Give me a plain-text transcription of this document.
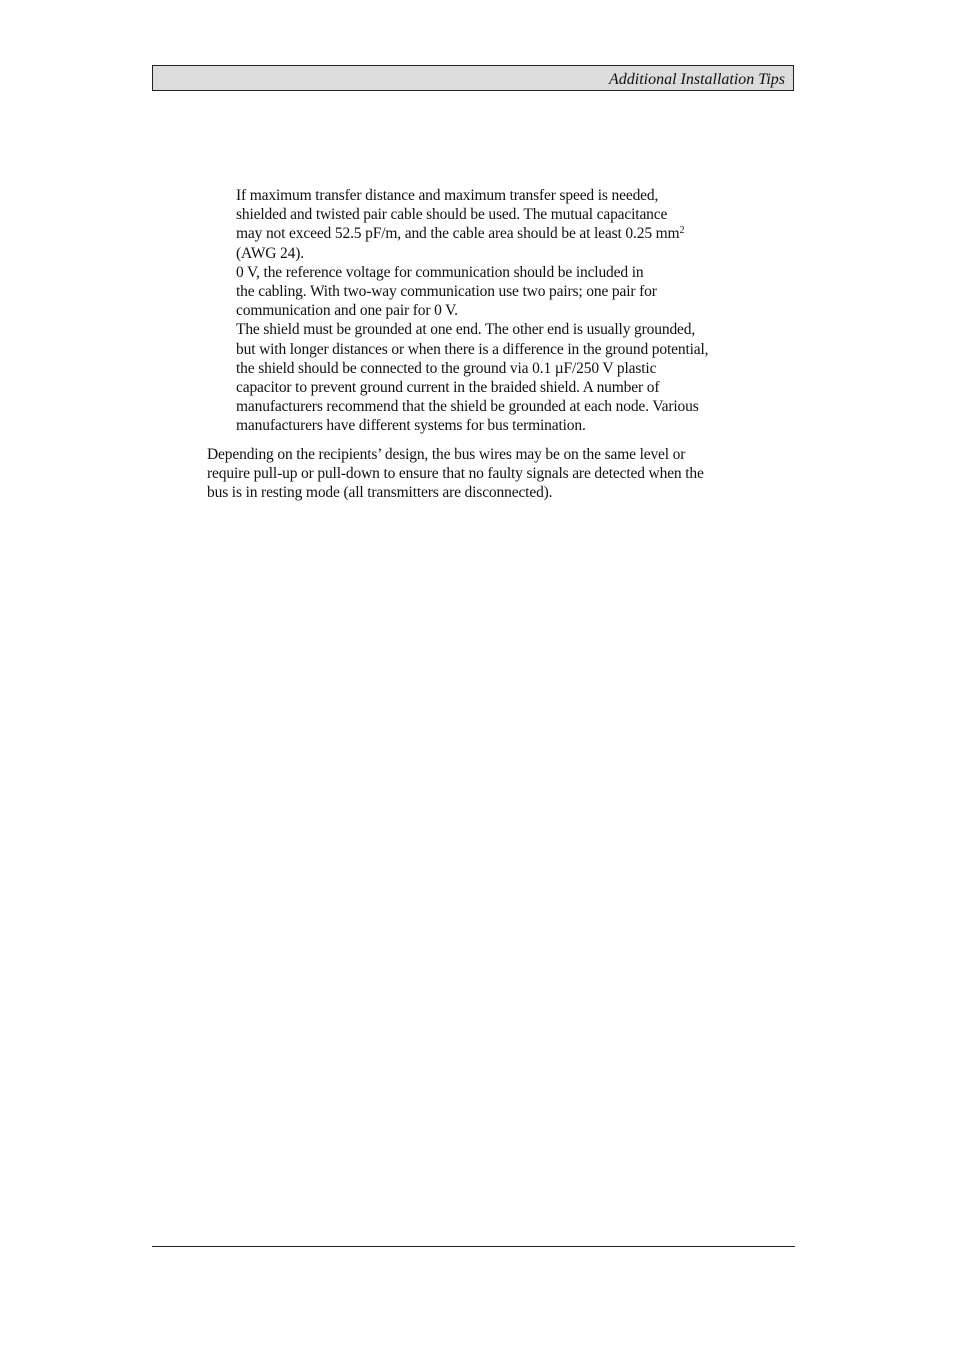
Additional Installation Tips
If maximum transfer distance and maximum transfer speed is needed,
shielded and twisted pair cable should be used. The mutual capacitance
may not exceed 52.5 pF/m, and the cable area should be at least 0.25 $mm^2$
(AWG 24).
0 V, the reference voltage for communication should be included in
the cabling. With two-way communication use two pairs; one pair for
communication and one pair for 0 V.
The shield must be grounded at one end. The other end is usually grounded,
but with longer distances or when there is a difference in the ground potential,
the shield should be connected to the ground via 0.1 µF/250 V plastic
capacitor to prevent ground current in the braided shield. A number of
manufacturers recommend that the shield be grounded at each node. Various
manufacturers have different systems for bus termination.
Depending on the recipients’ design, the bus wires may be on the same level or
require pull-up or pull-down to ensure that no faulty signals are detected when the
bus is in resting mode (all transmitters are disconnected).
